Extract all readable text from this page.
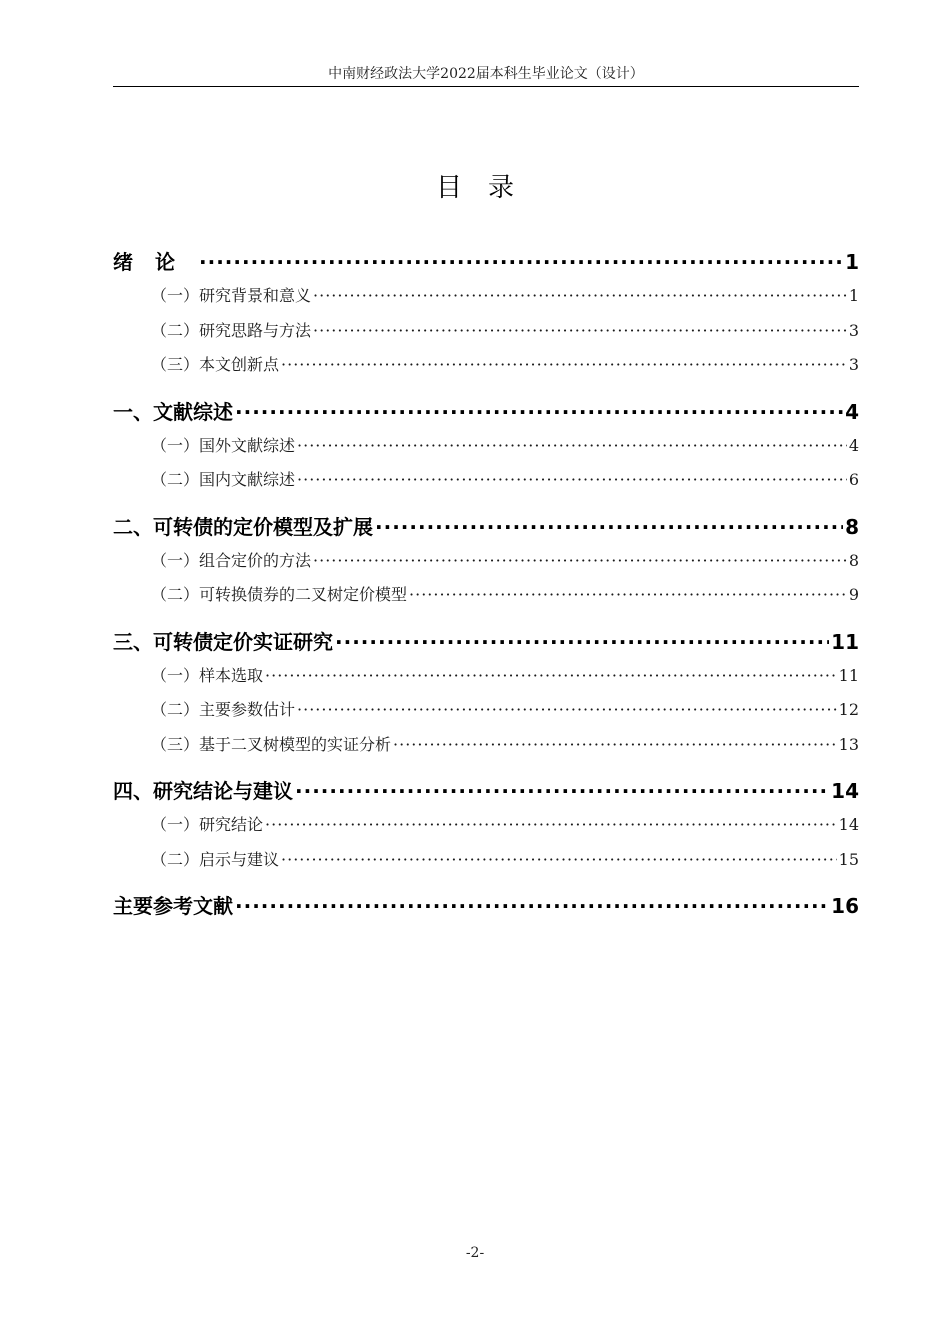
中南财经政法大学2022届本科生毕业论文（设计）
目录
绪论 ·····	1
（一）研究背景和意义 ·····	1
（二）研究思路与方法 ·····	3
（三）本文创新点 ·····	3
一、文献综述 ·····	4
（一）国外文献综述 ·····	4
（二）国内文献综述 ·····	6
二、可转债的定价模型及扩展 ·····	8
（一）组合定价的方法 ·····	8
（二）可转换债券的二叉树定价模型 ·····	9
三、可转债定价实证研究 ·····	11
（一）样本选取 ·····	11
（二）主要参数估计 ·····	12
（三）基于二叉树模型的实证分析 ·····	13
四、研究结论与建议 ·····	14
（一）研究结论 ·····	14
（二）启示与建议 ·····	15
主要参考文献 ·····	16
-2-
